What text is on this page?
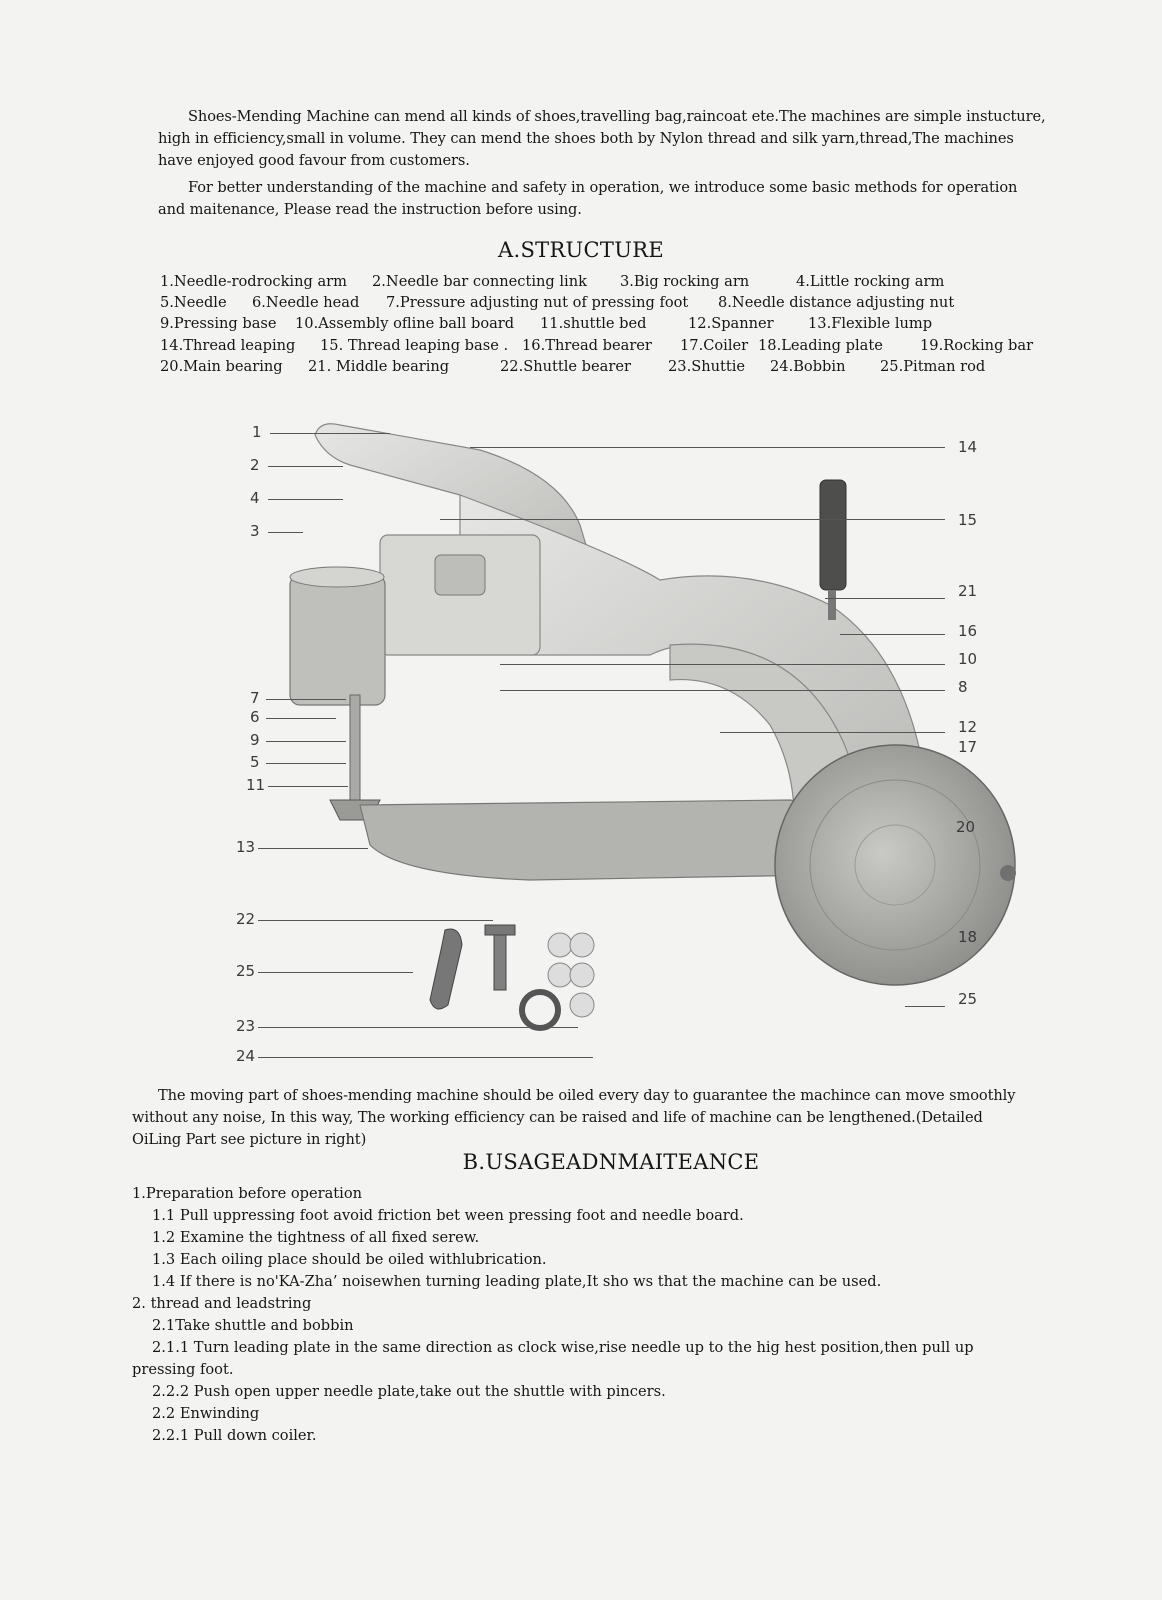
Shoes-Mending Machine can mend all kinds of shoes,travelling bag,raincoat ete.The machines are simple instucture,

high in efficiency,small in volume. They can mend the shoes both by Nylon thread and silk yarn,thread,The machines

have enjoyed good favour from customers.

For better understanding of the machine and safety in operation, we introduce some basic methods for operation

and maitenance, Please read the instruction before using.

A.STRUCTURE
1.Needle-rodrocking arm 2.Needle bar connecting link 3.Big rocking arn	4.Little rocking arm
5.Needle 6.Needle head 7.Pressure adjusting nut of pressing foot 8.Needle distance adjusting nut
9.Pressing base 10.Assembly ofline ball board 11.shuttle bed	12.Spanner 13.Flexible lump
14.Thread leaping 15. Thread leaping base . 16.Thread bearer 17.Coiler 18.Leading plate	19.Rocking bar
20.Main bearing 21. Middle bearing	22.Shuttle bearer	23.Shuttie 24.Bobbin 25.Pitman rod
1
2
4
3
7
6
9
5
11
13
22
25
23
24
14
15
21
16
10
8
12
17
20
18
25

The moving part of shoes-mending machine should be oiled every day to guarantee the machince can move smoothly

without any noise, In this way, The working efficiency can be raised and life of machine can be lengthened.(Detailed

OiLing Part see picture in right)

B.USAGEADNMAITEANCE

1.Preparation before operation

1.1 Pull uppressing foot avoid friction bet ween pressing foot and needle board.

1.2 Examine the tightness of all fixed serew.

1.3 Each oiling place should be oiled withlubrication.

1.4 If there is no'KA-Zha’ noisewhen turning leading plate,It sho ws that the machine can be used.

2. thread and leadstring

2.1Take shuttle and bobbin

2.1.1 Turn leading plate in the same direction as clock wise,rise needle up to the hig hest position,then pull up

pressing foot.

2.2.2 Push open upper needle plate,take out the shuttle with pincers.

2.2 Enwinding

2.2.1 Pull down coiler.
